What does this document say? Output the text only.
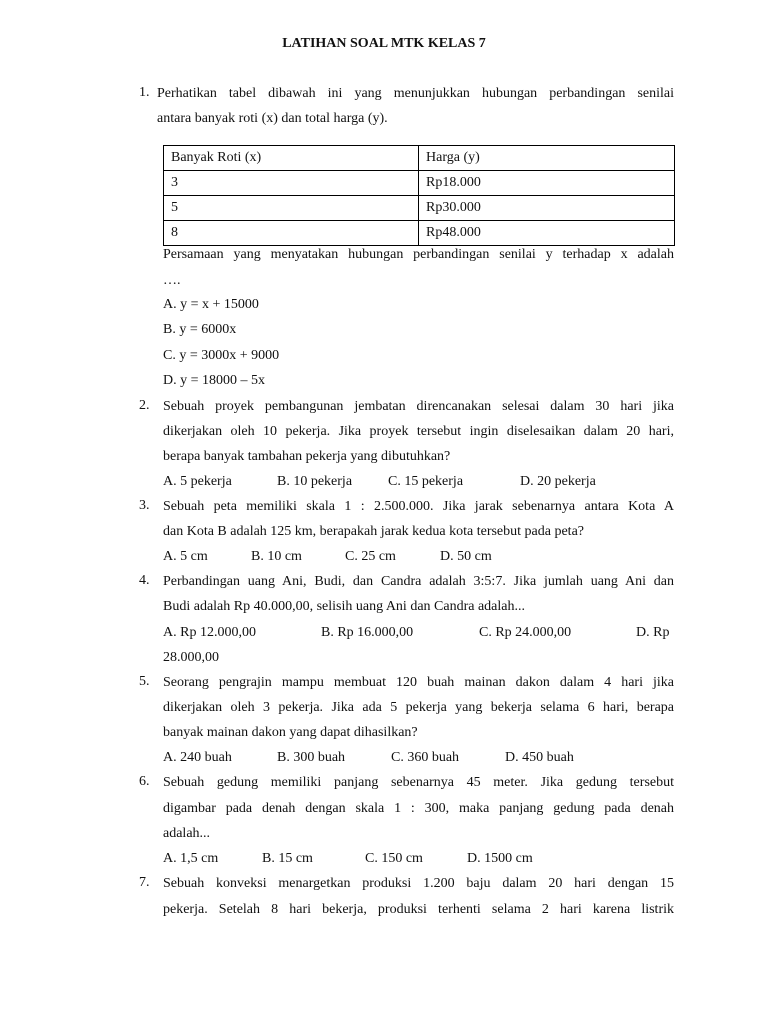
LATIHAN SOAL MTK KELAS 7
1. Perhatikan tabel dibawah ini yang menunjukkan hubungan perbandingan senilai
antara banyak roti (x) dan total harga (y).
Banyak Roti (x)	Harga (y)
3	Rp18.000
5	Rp30.000
8	Rp48.000
Persamaan yang menyatakan hubungan perbandingan senilai y terhadap x adalah
….
A. y = x + 15000
B. y = 6000x
C. y = 3000x + 9000
D. y = 18000 – 5x
2. Sebuah proyek pembangunan jembatan direncanakan selesai dalam 30 hari jika
dikerjakan oleh 10 pekerja. Jika proyek tersebut ingin diselesaikan dalam 20 hari,
berapa banyak tambahan pekerja yang dibutuhkan?
A. 5 pekerja	B. 10 pekerja	C. 15 pekerja	D. 20 pekerja
3. Sebuah peta memiliki skala 1 : 2.500.000. Jika jarak sebenarnya antara Kota A
dan Kota B adalah 125 km, berapakah jarak kedua kota tersebut pada peta?
A. 5 cm	B. 10 cm	C. 25 cm	D. 50 cm
4. Perbandingan uang Ani, Budi, dan Candra adalah 3:5:7. Jika jumlah uang Ani dan
Budi adalah Rp 40.000,00, selisih uang Ani dan Candra adalah...
A. Rp 12.000,00	B. Rp 16.000,00	C. Rp 24.000,00	D. Rp
28.000,00
5. Seorang pengrajin mampu membuat 120 buah mainan dakon dalam 4 hari jika
dikerjakan oleh 3 pekerja. Jika ada 5 pekerja yang bekerja selama 6 hari, berapa
banyak mainan dakon yang dapat dihasilkan?
A. 240 buah	B. 300 buah	C. 360 buah	D. 450 buah
6. Sebuah gedung memiliki panjang sebenarnya 45 meter. Jika gedung tersebut
digambar pada denah dengan skala 1 : 300, maka panjang gedung pada denah
adalah...
A. 1,5 cm	B. 15 cm	C. 150 cm	D. 1500 cm
7. Sebuah konveksi menargetkan produksi 1.200 baju dalam 20 hari dengan 15
pekerja. Setelah 8 hari bekerja, produksi terhenti selama 2 hari karena listrik
